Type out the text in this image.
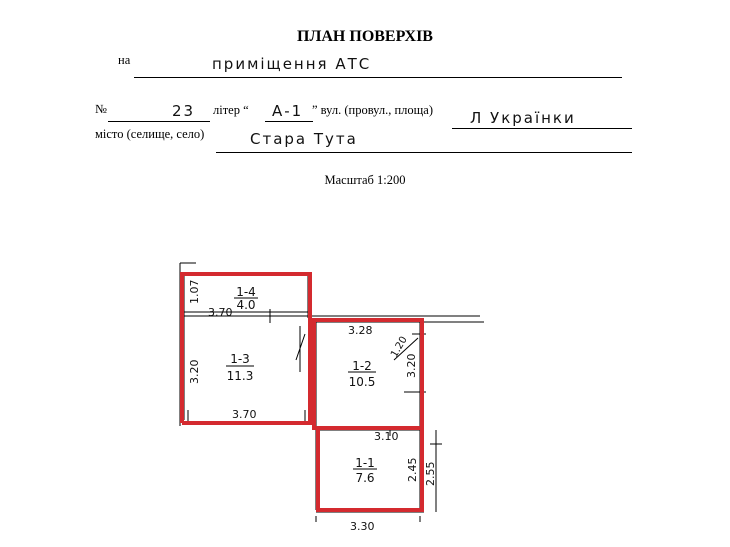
ПЛАН ПОВЕРХІВ
на	приміщення АТС
№	23 літер “ А-1 ” вул. (провул., площа) Л Українки
місто (селище, село)	Стара Тута
Масштаб 1:200
1-4
4.0
1-3
11.3
1-2
10.5
1-1
7.6
1.07
3.70
3.20
3.70
3.28
1.20
3.20
3.10
2.45 2.55
3.30
